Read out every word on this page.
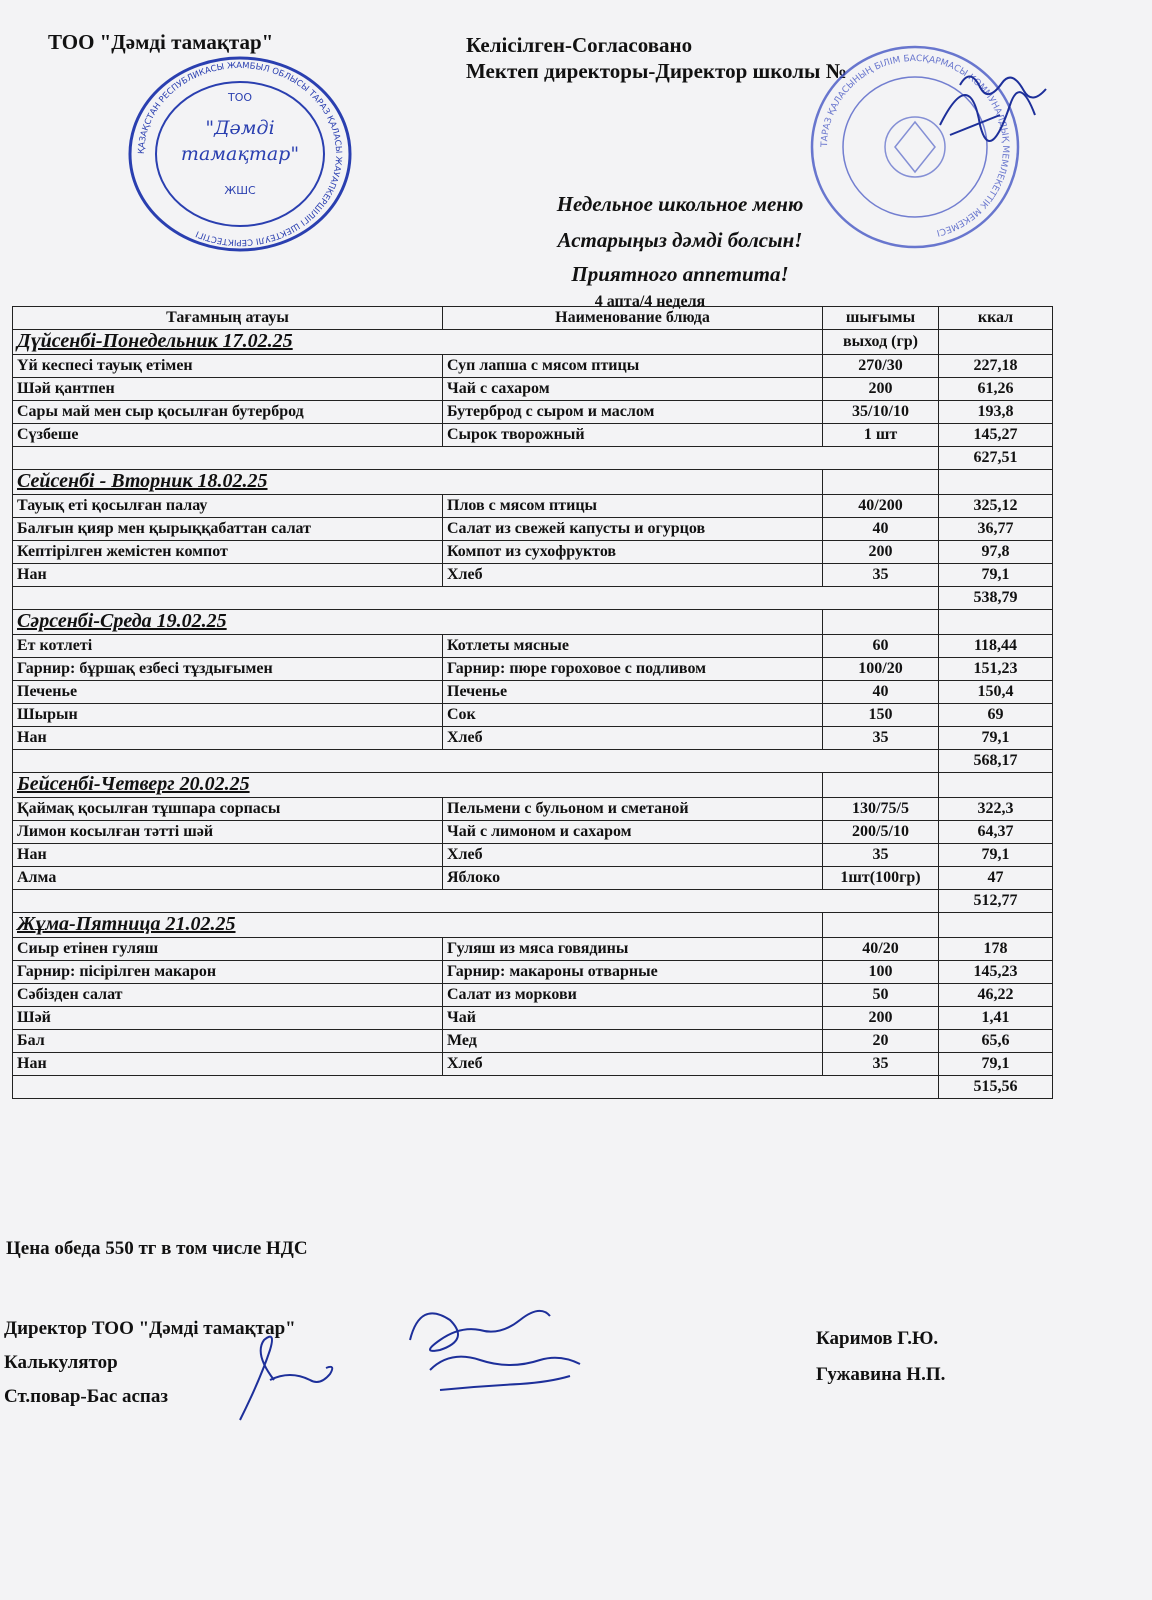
ТОО "Дәмді тамақтар"	Келісілген-Согласовано
Мектеп директоры-Директор школы №
ҚАЗАҚСТАН РЕСПУБЛИКАСЫ ЖАМБЫЛ ОБЛЫСЫ ТАРАЗ ҚАЛАСЫ ЖАУАПКЕРШІЛІГІ ШЕКТЕУЛІ СЕРІКТЕСТІГІ
ТОО
"Дәмді
тамақтар"
ЖШС
ТАРАЗ ҚАЛАСЫНЫҢ БІЛІМ БАСҚАРМАСЫ КОММУНАЛДЫҚ МЕМЛЕКЕТТІК МЕКЕМЕСІ
Недельное школьное меню
Астарыңыз дәмді болсын!
Приятного аппетита!
4 апта/4 неделя
Тағамның атауы	Наименование блюда	шығымы	ккал
Дүйсенбі-Понедельник 17.02.25		выход (гр)	
Үй кеспесі тауық етімен	Суп лапша с мясом птицы	270/30	227,18
Шәй қантпен	Чай с сахаром	200	61,26
Сары май мен сыр қосылған бутерброд	Бутерброд с сыром и маслом	35/10/10	193,8
Сүзбеше	Сырок творожный	1 шт	145,27
			627,51
Сейсенбі - Вторник 18.02.25			
Тауық еті қосылған палау	Плов с мясом птицы	40/200	325,12
Балғын қияр мен қырыққабаттан салат	Салат из свежей капусты и огурцов	40	36,77
Кептірілген жемістен компот	Компот из сухофруктов	200	97,8
Нан	Хлеб	35	79,1
			538,79
Сәрсенбі-Среда 19.02.25			
Ет котлеті	Котлеты мясные	60	118,44
Гарнир: бұршақ езбесі тұздығымен	Гарнир: пюре гороховое с подливом	100/20	151,23
Печенье	Печенье	40	150,4
Шырын	Сок	150	69
Нан	Хлеб	35	79,1
			568,17
Бейсенбі-Четверг 20.02.25			
Қаймақ қосылған тұшпара сорпасы	Пельмени с бульоном и сметаной	130/75/5	322,3
Лимон косылған тәтті шәй	Чай с лимоном и сахаром	200/5/10	64,37
Нан	Хлеб	35	79,1
Алма	Яблоко	1шт(100гр)	47
			512,77
Жұма-Пятница 21.02.25			
Сиыр етінен гуляш	Гуляш из мяса говядины	40/20	178
Гарнир: пісірілген макарон	Гарнир: макароны отварные	100	145,23
Сәбізден салат	Салат из моркови	50	46,22
Шәй	Чай	200	1,41
Бал	Мед	20	65,6
Нан	Хлеб	35	79,1
			515,56
Цена обеда 550 тг в том числе НДС
Директор ТОО "Дәмді тамақтар"
Калькулятор
Ст.повар-Бас аспаз
Каримов Г.Ю.
Гужавина Н.П.
